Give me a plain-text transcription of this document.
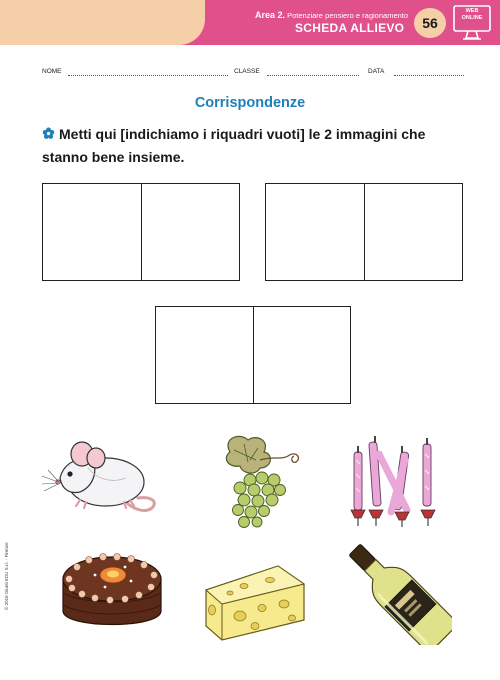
Area 2. Potenziare pensiero e ragionamento
SCHEDA ALLIEVO	56
WEB ONLINE
NOME	CLASSE	DATA
Corrispondenze
Metti qui [indichiamo i riquadri vuoti] le 2 immagini che stanno bene insieme.
© 2018 Giunti EDU S.r.l. - Firenze
